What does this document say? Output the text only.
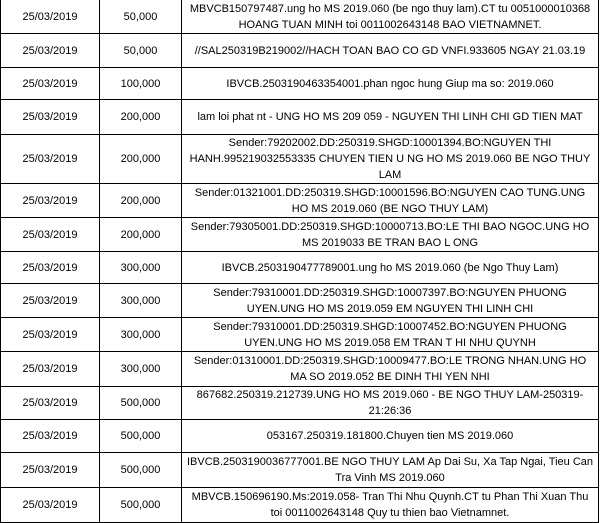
25/03/2019	50,000	MBVCB150797487.ung ho MS 2019.060 (be ngo thuy lam).CT tu 0051000010368 HOANG TUAN MINH toi 0011002643148 BAO VIETNAMNET.
25/03/2019	50,000	//SAL250319B219002//HACH TOAN BAO CO GD VNFI.933605 NGAY 21.03.19
25/03/2019	100,000	IBVCB.2503190463354001.phan ngoc hung Giup ma so: 2019.060
25/03/2019	200,000	lam loi phat nt - UNG HO MS 209 059 - NGUYEN THI LINH CHI GD TIEN MAT
25/03/2019	200,000	Sender:79202002.DD:250319.SHGD:10001394.BO:NGUYEN THI HANH.995219032553335 CHUYEN TIEN U NG HO MS 2019.060 BE NGO THUY LAM
25/03/2019	200,000	Sender:01321001.DD:250319.SHGD:10001596.BO:NGUYEN CAO TUNG.UNG HO MS 2019.060 (BE NGO THUY LAM)
25/03/2019	200,000	Sender:79305001.DD:250319.SHGD:10000713.BO:LE THI BAO NGOC.UNG HO MS 2019033 BE TRAN BAO L ONG
25/03/2019	300,000	IBVCB.2503190477789001.ung ho MS 2019.060 (be Ngo Thuy Lam)
25/03/2019	300,000	Sender:79310001.DD:250319.SHGD:10007397.BO:NGUYEN PHUONG UYEN.UNG HO MS 2019.059 EM NGUYEN THI LINH CHI
25/03/2019	300,000	Sender:79310001.DD:250319.SHGD:10007452.BO:NGUYEN PHUONG UYEN.UNG HO MS 2019.058 EM TRAN T HI NHU QUYNH
25/03/2019	300,000	Sender:01310001.DD:250319.SHGD:10009477.BO:LE TRONG NHAN.UNG HO MA SO 2019.052 BE DINH THI YEN NHI
25/03/2019	500,000	867682.250319.212739.UNG HO MS 2019.060 - BE NGO THUY LAM-250319-21:26:36
25/03/2019	500,000	053167.250319.181800.Chuyen tien MS 2019.060
25/03/2019	500,000	IBVCB.2503190036777001.BE NGO THUY LAM Ap Dai Su, Xa Tap Ngai, Tieu Can Tra Vinh MS 2019.060
25/03/2019	500,000	MBVCB.150696190.Ms:2019.058- Tran Thi Nhu Quynh.CT tu Phan Thi Xuan Thu toi 0011002643148 Quy tu thien bao Vietnamnet.
